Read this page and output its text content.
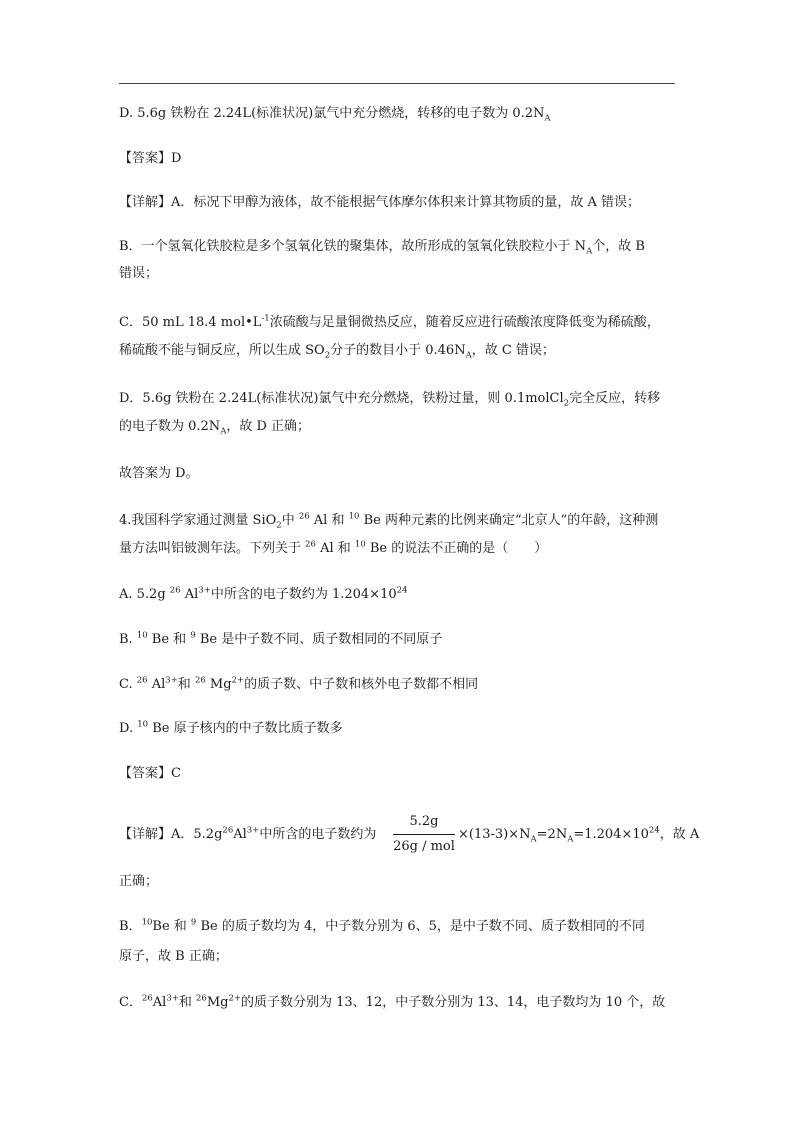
D. 5.6g 铁粉在 2.24L(标准状况)氯气中充分燃烧，转移的电子数为 $0.2N_A$
【答案】D
【详解】A．标况下甲醇为液体，故不能根据气体摩尔体积来计算其物质的量，故 A 错误；
B．一个氢氧化铁胶粒是多个氢氧化铁的聚集体，故所形成的氢氧化铁胶粒小于 $N_A$个，故 B
错误；
C．50 mL 18.4 $mol•L^{-1}$浓硫酸与足量铜微热反应，随着反应进行硫酸浓度降低变为稀硫酸，
稀硫酸不能与铜反应，所以生成 $SO_2$分子的数目小于 $0.46N_A$，故 C 错误；
D．5.6g 铁粉在 2.24L(标准状况)氯气中充分燃烧，铁粉过量，则 0.1molCl$_2$完全反应，转移
的电子数为 $0.2N_A$，故 D 正确；
故答案为 D。
4.我国科学家通过测量 SiO$_2$中 $^{26}$ Al 和 $^{10}$ Be 两种元素的比例来确定“北京人”的年龄，这种测
量方法叫铝铍测年法。下列关于 $^{26}$ Al 和 $^{10}$ Be 的说法不正确的是（　　）
A. 5.2g $^{26}$ $Al^{3+}$中所含的电子数约为 $1.204\times 10^{24}$
B. $^{10}$ Be 和 $^9$ Be 是中子数不同、质子数相同的不同原子
C. $^{26}$ $Al^{3+}$和 $^{26}$ $Mg^{2+}$的质子数、中子数和核外电子数都不相同
D. $^{10}$ Be 原子核内的中子数比质子数多
【答案】C
【详解】A．$5.2g^{26}Al^{3+}$中所含的电子数约为
5.2g
26g / mol
$\times(13-3)\times N_A=2N_A=1.204\times 10^{24}$，故 A
正确；
B．$^{10}$Be 和 $^9$ Be 的质子数均为 4，中子数分别为 6、5，是中子数不同、质子数相同的不同
原子，故 B 正确；
C．$^{26}Al^{3+}$和 $^{26}Mg^{2+}$的质子数分别为 13、12，中子数分别为 13、14，电子数均为 10 个，故
